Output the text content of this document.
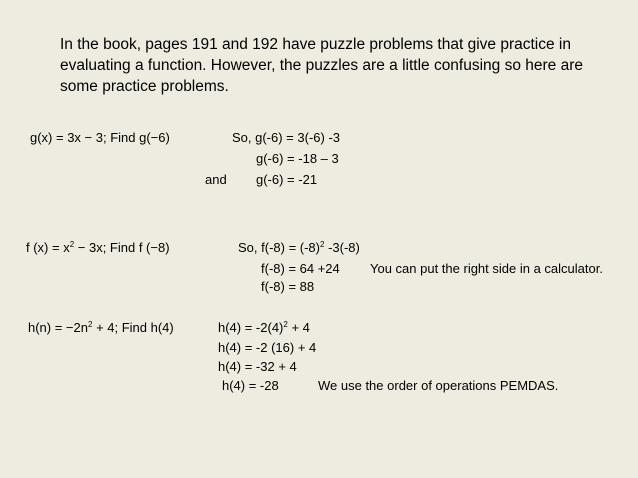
In the book, pages 191 and 192 have puzzle problems that give practice in
evaluating a function. However, the puzzles are a little confusing so here are
some practice problems.
g(x) = 3x − 3; Find g(−6)	So, g(-6) = 3(-6) -3
g(-6) = -18 – 3
and g(-6) = -21
f $(x) = x^2 - 3x$; Find f (−8)	So, $f(-8) = (-8)^2$ -3(-8)
f(-8) = 64 +24 You can put the right side in a calculator.
f(-8) = 88
$h(n) = -2n^2 + 4$; Find h(4)	$h(4) = -2(4)^2 + 4$
h(4) = -2 (16) + 4
h(4) = -32 + 4
h(4) = -28	We use the order of operations PEMDAS.
